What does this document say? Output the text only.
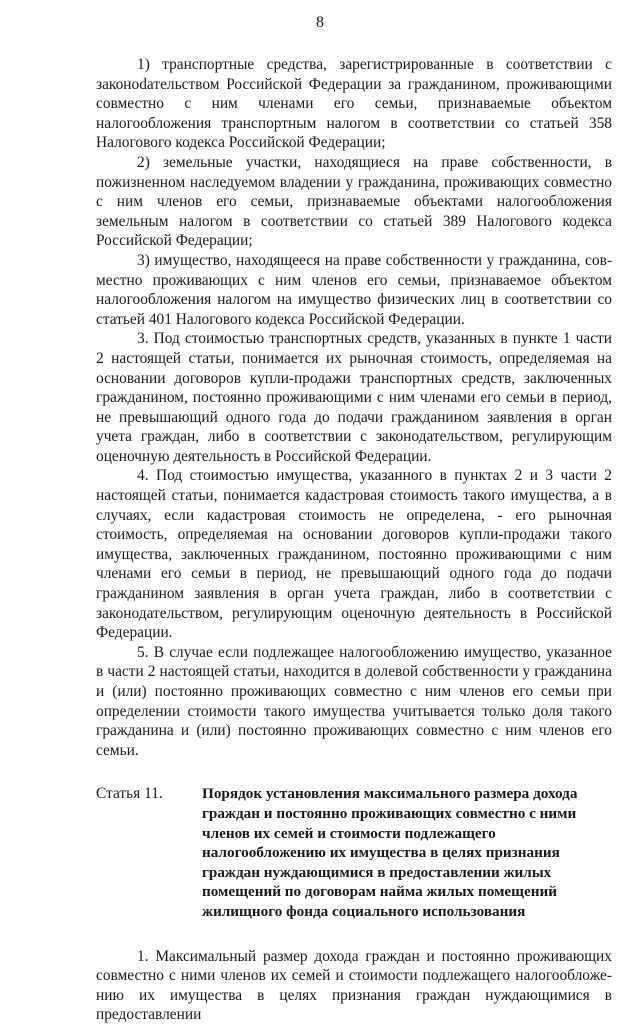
8

1) транспортные средства, зарегистрированные в соответствии с законоdательством Российской Федерации за гражданином, проживающими совместно с ним членами его семьи, признаваемые объектом налогообложения транспортным налогом в соответствии со статьей 358 Налогового кодекса Российской Федерации;

2) земельные участки, находящиеся на праве собственности, в пожизненном наследуемом владении у гражданина, проживающих совместно с ним членов его семьи, признаваемые объектами налогообложения земельным налогом в соответствии со статьей 389 Налогового кодекса Российской Федерации;

3) имущество, находящееся на праве собственности у гражданина, совместно проживающих с ним членов его семьи, признаваемое объектом налогообложения налогом на имущество физических лиц в соответствии со статьей 401 Налогового кодекса Российской Федерации.

3. Под стоимостью транспортных средств, указанных в пункте 1 части 2 настоящей статьи, понимается их рыночная стоимость, определяемая на основании договоров купли-продажи транспортных средств, заключенных гражданином, постоянно проживающими с ним членами его семьи в период, не превышающий одного года до подачи гражданином заявления в орган учета граждан, либо в соответствии с законодательством, регулирующим оценочную деятельность в Российской Федерации.

4. Под стоимостью имущества, указанного в пунктах 2 и 3 части 2 настоящей статьи, понимается кадастровая стоимость такого имущества, а в случаях, если кадастровая стоимость не определена, - его рыночная стоимость, определяемая на основании договоров купли-продажи такого имущества, заключенных гражданином, постоянно проживающими с ним членами его семьи в период, не превышающий одного года до подачи гражданином заявления в орган учета граждан, либо в соответствии с законодательством, регулирующим оценочную деятельность в Российской Федерации.

5. В случае если подлежащее налогообложению имущество, указанное в части 2 настоящей статьи, находится в долевой собственности у гражданина и (или) постоянно проживающих совместно с ним членов его семьи при определении стоимости такого имущества учитывается только доля такого гражданина и (или) постоянно проживающих совместно с ним членов его семьи.

Статья 11.	Порядок установления максимального размера дохода граждан и постоянно проживающих совместно с ними членов их семей и стоимости подлежащего налогообложению их имущества в целях признания граждан нуждающимися в предоставлении жилых помещений по договорам найма жилых помещений жилищного фонда социального использования

1. Максимальный размер дохода граждан и постоянно проживающих совместно с ними членов их семей и стоимости подлежащего налогообложению их имущества в целях признания граждан нуждающимися в предоставлении
